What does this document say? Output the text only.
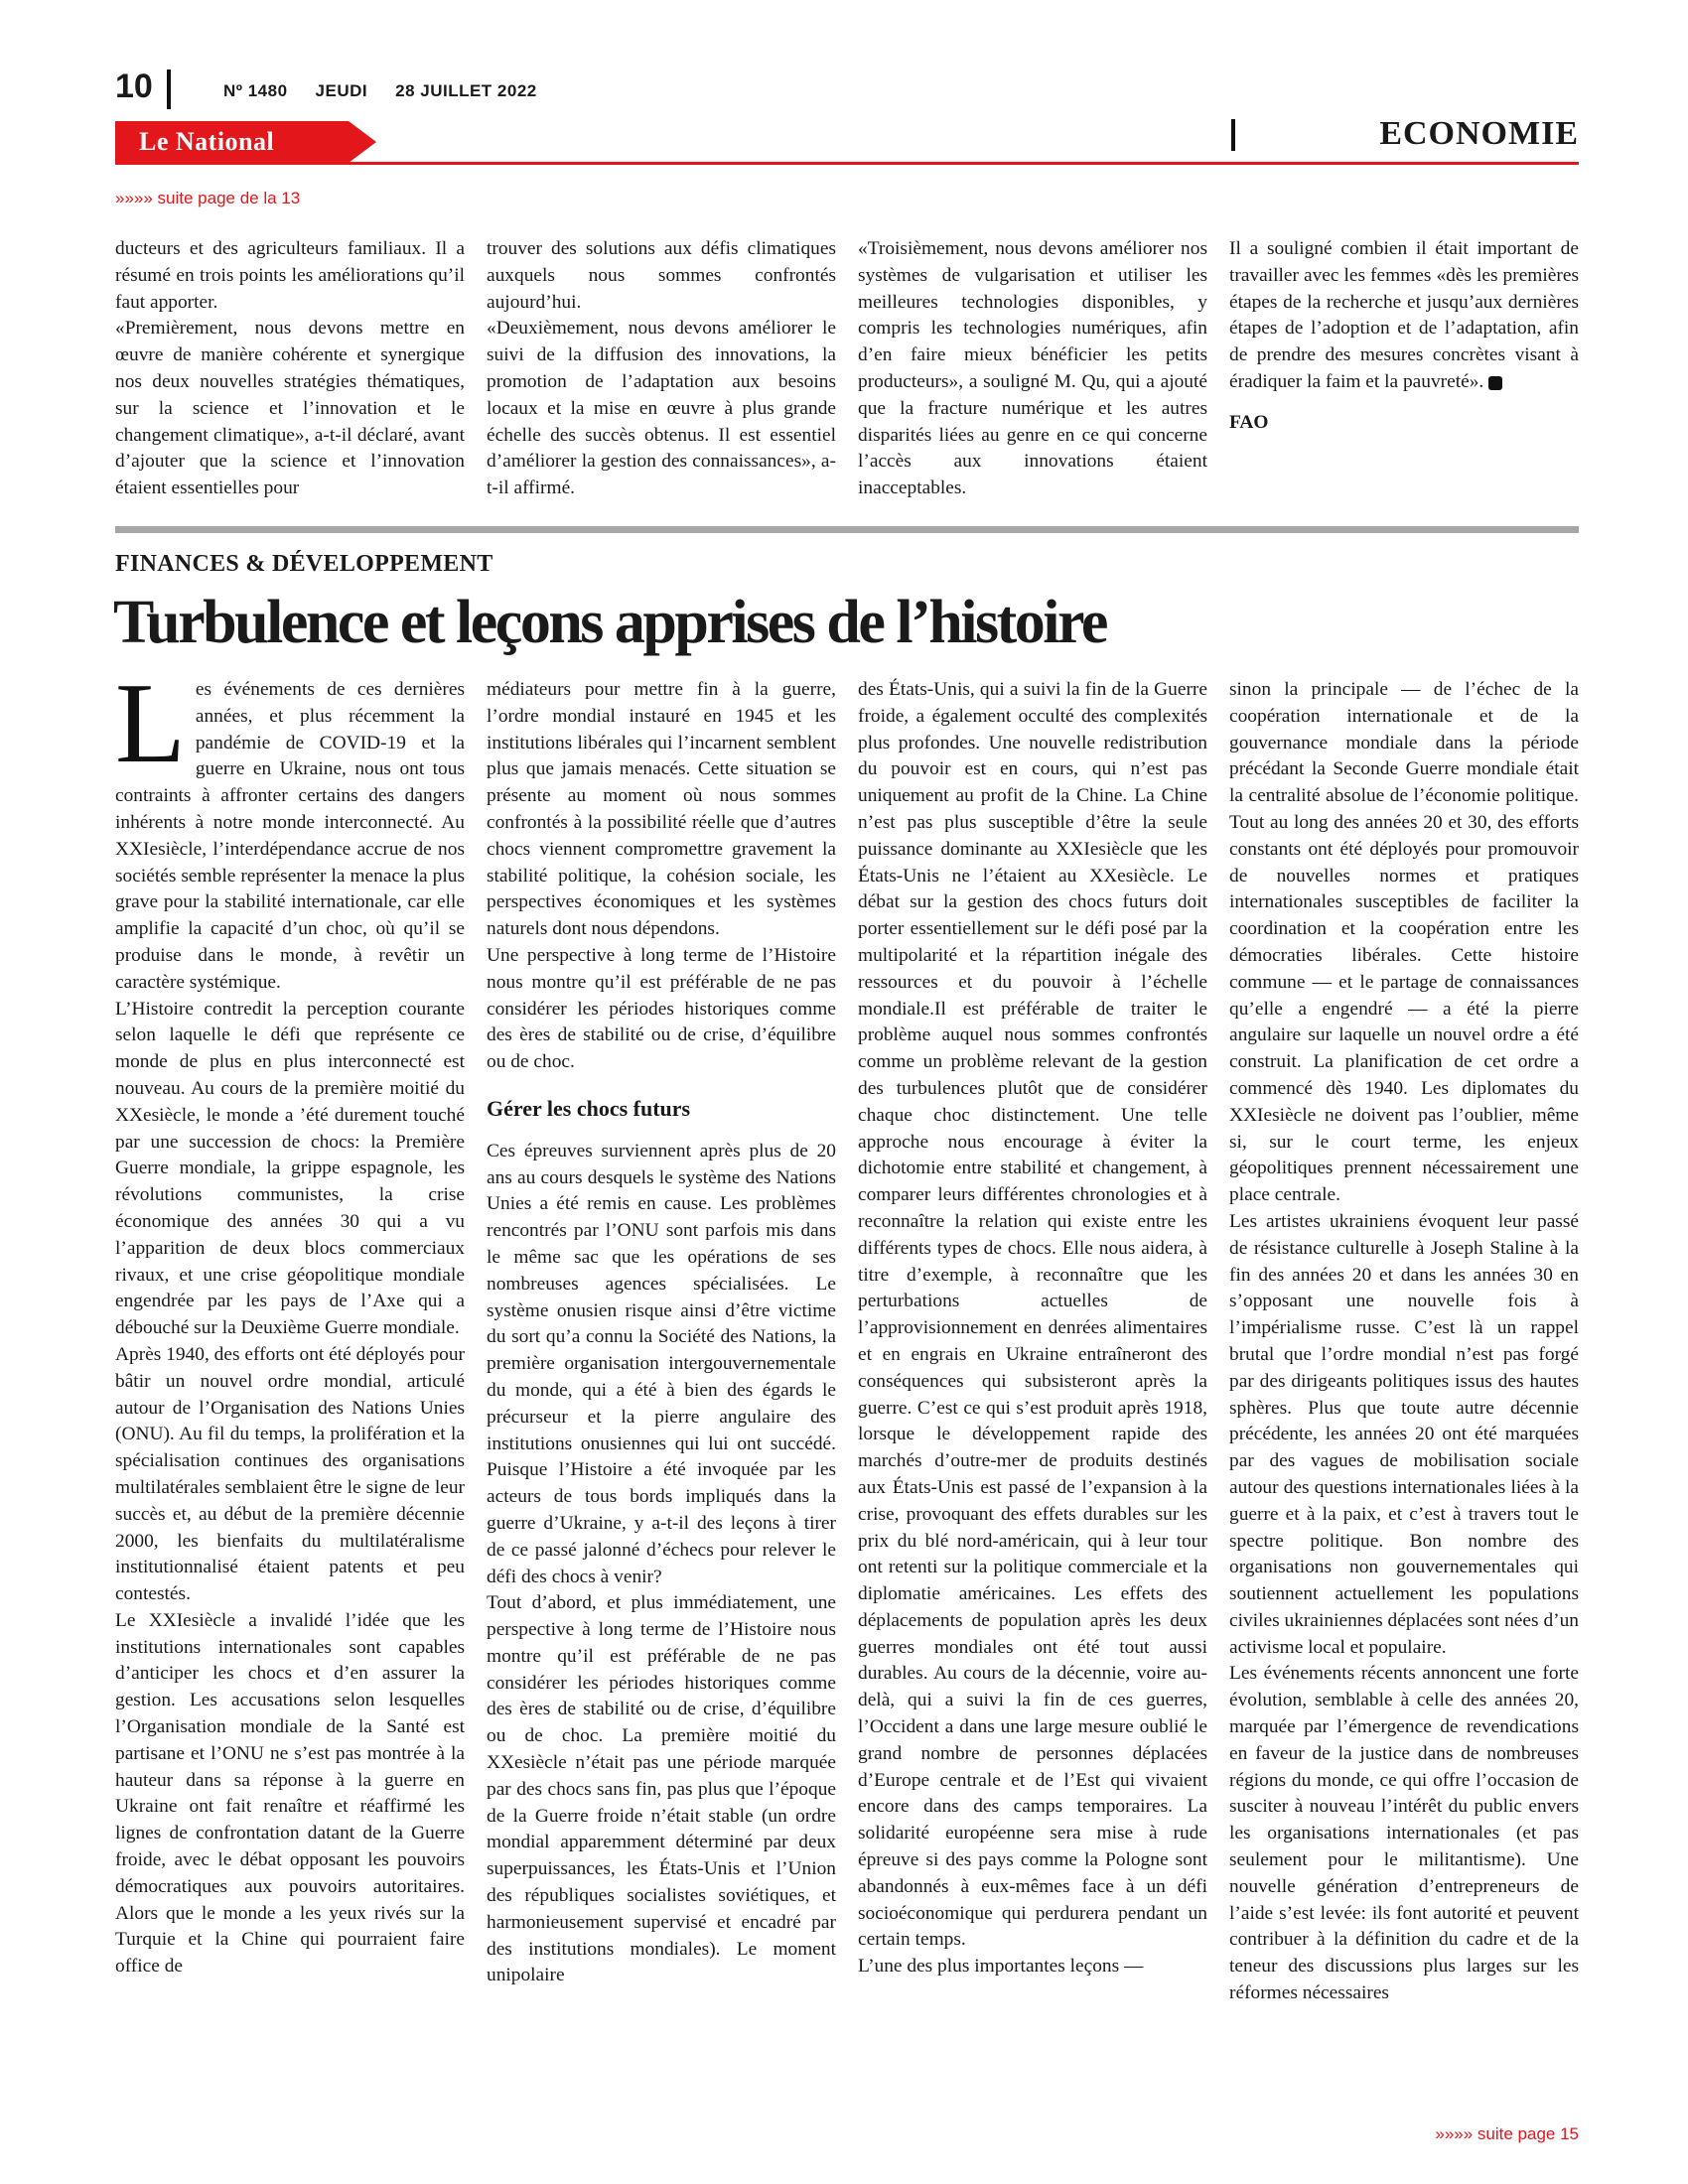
10	Nº 1480 JEUDI 28 JUILLET 2022
Le National	ECONOMIE
»»»» suite page de la 13

ducteurs et des agriculteurs familiaux. Il a résumé en trois points les améliorations qu’il faut apporter.

«Premièrement, nous devons mettre en œuvre de manière cohérente et synergique nos deux nouvelles stratégies thématiques, sur la science et l’innovation et le changement climatique», a-t-il déclaré, avant d’ajouter que la science et l’innovation étaient essentielles pour

trouver des solutions aux défis climatiques auxquels nous sommes confrontés aujourd’hui.

«Deuxièmement, nous devons améliorer le suivi de la diffusion des innovations, la promotion de l’adaptation aux besoins locaux et la mise en œuvre à plus grande échelle des succès obtenus. Il est essentiel d’améliorer la gestion des connaissances», a-t-il affirmé.

«Troisièmement, nous devons améliorer nos systèmes de vulgarisation et utiliser les meilleures technologies disponibles, y compris les technologies numériques, afin d’en faire mieux bénéficier les petits producteurs», a souligné M. Qu, qui a ajouté que la fracture numérique et les autres disparités liées au genre en ce qui concerne l’accès aux innovations étaient inacceptables.

Il a souligné combien il était important de travailler avec les femmes «dès les premières étapes de la recherche et jusqu’aux dernières étapes de l’adoption et de l’adaptation, afin de prendre des mesures concrètes visant à éradiquer la faim et la pauvreté».

FAO

FINANCES & DÉVELOPPEMENT
Turbulence et leçons apprises de l’histoire

Les événements de ces dernières années, et plus récemment la pandémie de COVID-19 et la guerre en Ukraine, nous ont tous contraints à affronter certains des dangers inhérents à notre monde interconnecté. Au XXIesiècle, l’interdépendance accrue de nos sociétés semble représenter la menace la plus grave pour la stabilité internationale, car elle amplifie la capacité d’un choc, où qu’il se produise dans le monde, à revêtir un caractère systémique.

L’Histoire contredit la perception courante selon laquelle le défi que représente ce monde de plus en plus interconnecté est nouveau. Au cours de la première moitié du XXesiècle, le monde a ’été durement touché par une succession de chocs: la Première Guerre mondiale, la grippe espagnole, les révolutions communistes, la crise économique des années 30 qui a vu l’apparition de deux blocs commerciaux rivaux, et une crise géopolitique mondiale engendrée par les pays de l’Axe qui a débouché sur la Deuxième Guerre mondiale.

Après 1940, des efforts ont été déployés pour bâtir un nouvel ordre mondial, articulé autour de l’Organisation des Nations Unies (ONU). Au fil du temps, la prolifération et la spécialisation continues des organisations multilatérales semblaient être le signe de leur succès et, au début de la première décennie 2000, les bienfaits du multilatéralisme institutionnalisé étaient patents et peu contestés.

Le XXIesiècle a invalidé l’idée que les institutions internationales sont capables d’anticiper les chocs et d’en assurer la gestion. Les accusations selon lesquelles l’Organisation mondiale de la Santé est partisane et l’ONU ne s’est pas montrée à la hauteur dans sa réponse à la guerre en Ukraine ont fait renaître et réaffirmé les lignes de confrontation datant de la Guerre froide, avec le débat opposant les pouvoirs démocratiques aux pouvoirs autoritaires. Alors que le monde a les yeux rivés sur la Turquie et la Chine qui pourraient faire office de

médiateurs pour mettre fin à la guerre, l’ordre mondial instauré en 1945 et les institutions libérales qui l’incarnent semblent plus que jamais menacés. Cette situation se présente au moment où nous sommes confrontés à la possibilité réelle que d’autres chocs viennent compromettre gravement la stabilité politique, la cohésion sociale, les perspectives économiques et les systèmes naturels dont nous dépendons.

Une perspective à long terme de l’Histoire nous montre qu’il est préférable de ne pas considérer les périodes historiques comme des ères de stabilité ou de crise, d’équilibre ou de choc.

Gérer les chocs futurs

Ces épreuves surviennent après plus de 20 ans au cours desquels le système des Nations Unies a été remis en cause. Les problèmes rencontrés par l’ONU sont parfois mis dans le même sac que les opérations de ses nombreuses agences spécialisées. Le système onusien risque ainsi d’être victime du sort qu’a connu la Société des Nations, la première organisation intergouvernementale du monde, qui a été à bien des égards le précurseur et la pierre angulaire des institutions onusiennes qui lui ont succédé. Puisque l’Histoire a été invoquée par les acteurs de tous bords impliqués dans la guerre d’Ukraine, y a-t-il des leçons à tirer de ce passé jalonné d’échecs pour relever le défi des chocs à venir?

Tout d’abord, et plus immédiatement, une perspective à long terme de l’Histoire nous montre qu’il est préférable de ne pas considérer les périodes historiques comme des ères de stabilité ou de crise, d’équilibre ou de choc. La première moitié du XXesiècle n’était pas une période marquée par des chocs sans fin, pas plus que l’époque de la Guerre froide n’était stable (un ordre mondial apparemment déterminé par deux superpuissances, les États-Unis et l’Union des républiques socialistes soviétiques, et harmonieusement supervisé et encadré par des institutions mondiales). Le moment unipolaire

des États-Unis, qui a suivi la fin de la Guerre froide, a également occulté des complexités plus profondes. Une nouvelle redistribution du pouvoir est en cours, qui n’est pas uniquement au profit de la Chine. La Chine n’est pas plus susceptible d’être la seule puissance dominante au XXIesiècle que les États-Unis ne l’étaient au XXesiècle. Le débat sur la gestion des chocs futurs doit porter essentiellement sur le défi posé par la multipolarité et la répartition inégale des ressources et du pouvoir à l’échelle mondiale.Il est préférable de traiter le problème auquel nous sommes confrontés comme un problème relevant de la gestion des turbulences plutôt que de considérer chaque choc distinctement. Une telle approche nous encourage à éviter la dichotomie entre stabilité et changement, à comparer leurs différentes chronologies et à reconnaître la relation qui existe entre les différents types de chocs. Elle nous aidera, à titre d’exemple, à reconnaître que les perturbations actuelles de l’approvisionnement en denrées alimentaires et en engrais en Ukraine entraîneront des conséquences qui subsisteront après la guerre. C’est ce qui s’est produit après 1918, lorsque le développement rapide des marchés d’outre-mer de produits destinés aux États-Unis est passé de l’expansion à la crise, provoquant des effets durables sur les prix du blé nord-américain, qui à leur tour ont retenti sur la politique commerciale et la diplomatie américaines. Les effets des déplacements de population après les deux guerres mondiales ont été tout aussi durables. Au cours de la décennie, voire au-delà, qui a suivi la fin de ces guerres, l’Occident a dans une large mesure oublié le grand nombre de personnes déplacées d’Europe centrale et de l’Est qui vivaient encore dans des camps temporaires. La solidarité européenne sera mise à rude épreuve si des pays comme la Pologne sont abandonnés à eux-mêmes face à un défi socioéconomique qui perdurera pendant un certain temps.

L’une des plus importantes leçons —

sinon la principale — de l’échec de la coopération internationale et de la gouvernance mondiale dans la période précédant la Seconde Guerre mondiale était la centralité absolue de l’économie politique. Tout au long des années 20 et 30, des efforts constants ont été déployés pour promouvoir de nouvelles normes et pratiques internationales susceptibles de faciliter la coordination et la coopération entre les démocraties libérales. Cette histoire commune — et le partage de connaissances qu’elle a engendré — a été la pierre angulaire sur laquelle un nouvel ordre a été construit. La planification de cet ordre a commencé dès 1940. Les diplomates du XXIesiècle ne doivent pas l’oublier, même si, sur le court terme, les enjeux géopolitiques prennent nécessairement une place centrale.

Les artistes ukrainiens évoquent leur passé de résistance culturelle à Joseph Staline à la fin des années 20 et dans les années 30 en s’opposant une nouvelle fois à l’impérialisme russe. C’est là un rappel brutal que l’ordre mondial n’est pas forgé par des dirigeants politiques issus des hautes sphères. Plus que toute autre décennie précédente, les années 20 ont été marquées par des vagues de mobilisation sociale autour des questions internationales liées à la guerre et à la paix, et c’est à travers tout le spectre politique. Bon nombre des organisations non gouvernementales qui soutiennent actuellement les populations civiles ukrainiennes déplacées sont nées d’un activisme local et populaire.

Les événements récents annoncent une forte évolution, semblable à celle des années 20, marquée par l’émergence de revendications en faveur de la justice dans de nombreuses régions du monde, ce qui offre l’occasion de susciter à nouveau l’intérêt du public envers les organisations internationales (et pas seulement pour le militantisme). Une nouvelle génération d’entrepreneurs de l’aide s’est levée: ils font autorité et peuvent contribuer à la définition du cadre et de la teneur des discussions plus larges sur les réformes nécessaires

»»»» suite page 15
